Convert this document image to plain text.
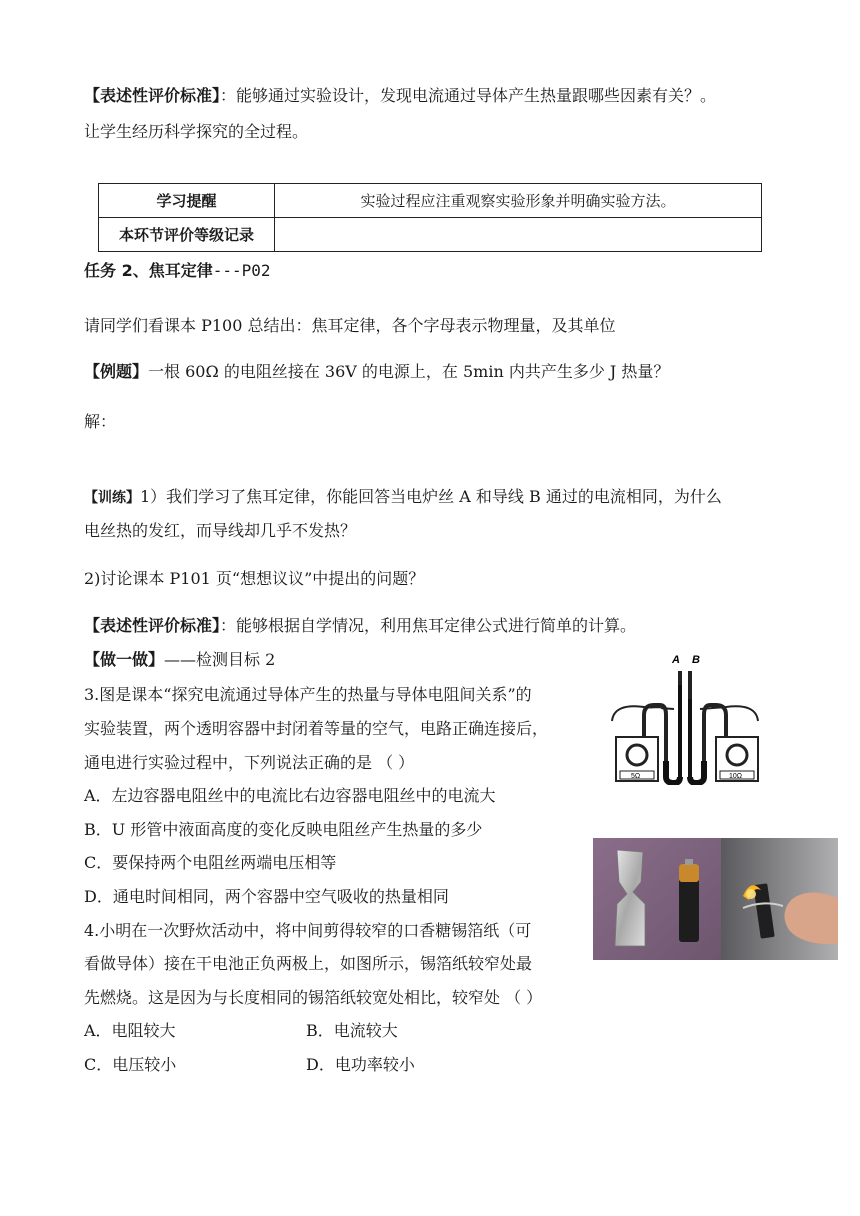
【表述性评价标准】：能够通过实验设计，发现电流通过导体产生热量跟哪些因素有关？。
让学生经历科学探究的全过程。
学习提醒	实验过程应注重观察实验形象并明确实验方法。
本环节评价等级记录	
任务 2、焦耳定律---P02
请同学们看课本 P100 总结出：焦耳定律，各个字母表示物理量，及其单位
【例题】一根 60Ω 的电阻丝接在 36V 的电源上，在 5min 内共产生多少 J 热量？
解：
【训练】1）我们学习了焦耳定律，你能回答当电炉丝 A 和导线 B 通过的电流相同，为什么
电丝热的发红，而导线却几乎不发热？
2)讨论课本 P101 页“想想议议”中提出的问题？
【表述性评价标准】：能够根据自学情况，利用焦耳定律公式进行简单的计算。
【做一做】——检测目标 2
3.图是课本“探究电流通过导体产生的热量与导体电阻间关系”的
实验装置，两个透明容器中封闭着等量的空气，电路正确连接后，
通电进行实验过程中，下列说法正确的是 （ ）
A．左边容器电阻丝中的电流比右边容器电阻丝中的电流大
B．U 形管中液面高度的变化反映电阻丝产生热量的多少
C．要保持两个电阻丝两端电压相等
D．通电时间相同，两个容器中空气吸收的热量相同
A B
5Ω	10Ω
4.小明在一次野炊活动中，将中间剪得较窄的口香糖锡箔纸（可
看做导体）接在干电池正负两极上，如图所示，锡箔纸较窄处最
先燃烧。这是因为与长度相同的锡箔纸较宽处相比，较窄处 （ ）
A．电阻较大	B．电流较大
C．电压较小	D．电功率较小
